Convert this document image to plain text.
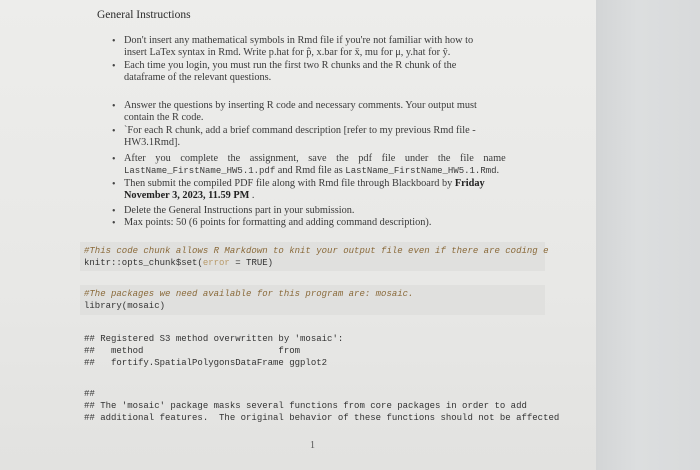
General Instructions
• Don't insert any mathematical symbols in Rmd file if you're not familiar with how to
insert LaTex syntax in Rmd. Write p.hat for p̂, x.bar for x̄, mu for μ, y.hat for ŷ.
• Each time you login, you must run the first two R chunks and the R chunk of the
dataframe of the relevant questions.
• Answer the questions by inserting R code and necessary comments. Your output must
contain the R code.
• `For each R chunk, add a brief command description [refer to my previous Rmd file -
HW3.1Rmd].
• After you complete the assignment, save the pdf file under the file name
LastName_FirstName_HW5.1.pdf and Rmd file as LastName_FirstName_HW5.1.Rmd.
• Then submit the compiled PDF file along with Rmd file through Blackboard by Friday
November 3, 2023, 11.59 PM .
• Delete the General Instructions part in your submission.
• Max points: 50 (6 points for formatting and adding command description).
#This code chunk allows R Markdown to knit your output file even if there are coding e
knitr::opts_chunk$set(error = TRUE)
#The packages we need available for this program are: mosaic.
library(mosaic)
## Registered S3 method overwritten by 'mosaic':
##   method                         from
##   fortify.SpatialPolygonsDataFrame ggplot2
##
## The 'mosaic' package masks several functions from core packages in order to add
## additional features.  The original behavior of these functions should not be affected
1
